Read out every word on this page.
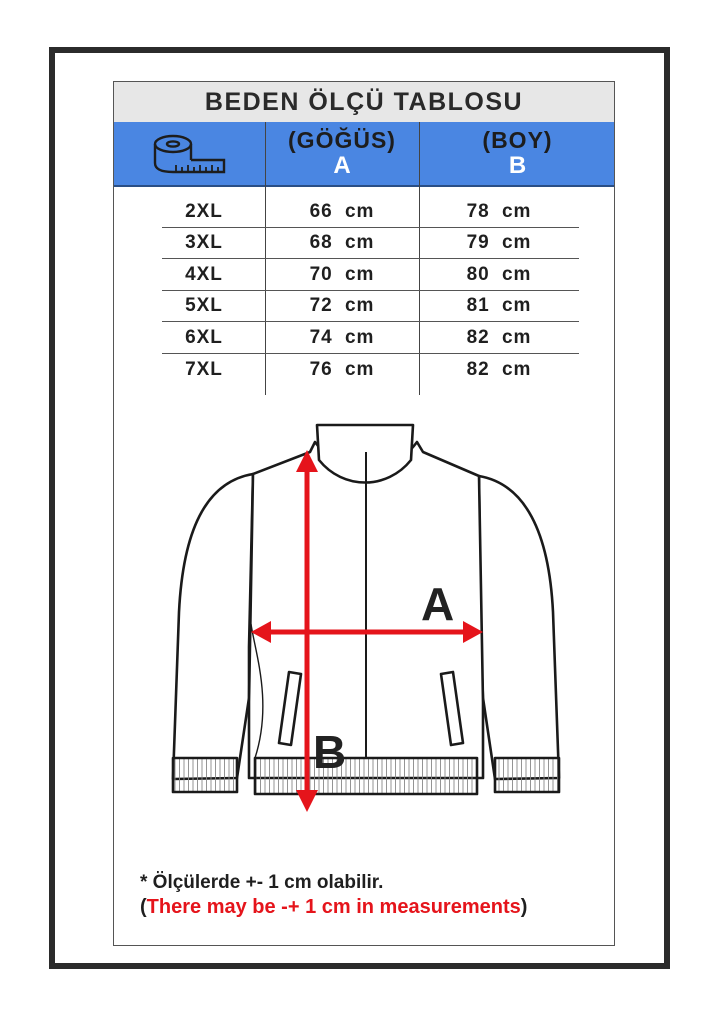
BEDEN ÖLÇÜ TABLOSU
(GÖĞÜS)
A
(BOY)
B
2XL	66 cm	78 cm
3XL	68 cm	79 cm
4XL	70 cm	80 cm
5XL	72 cm	81 cm
6XL	74 cm	82 cm
7XL	76 cm	82 cm
A
B
* Ölçülerde +- 1 cm olabilir.
(There may be -+ 1 cm in measurements)
